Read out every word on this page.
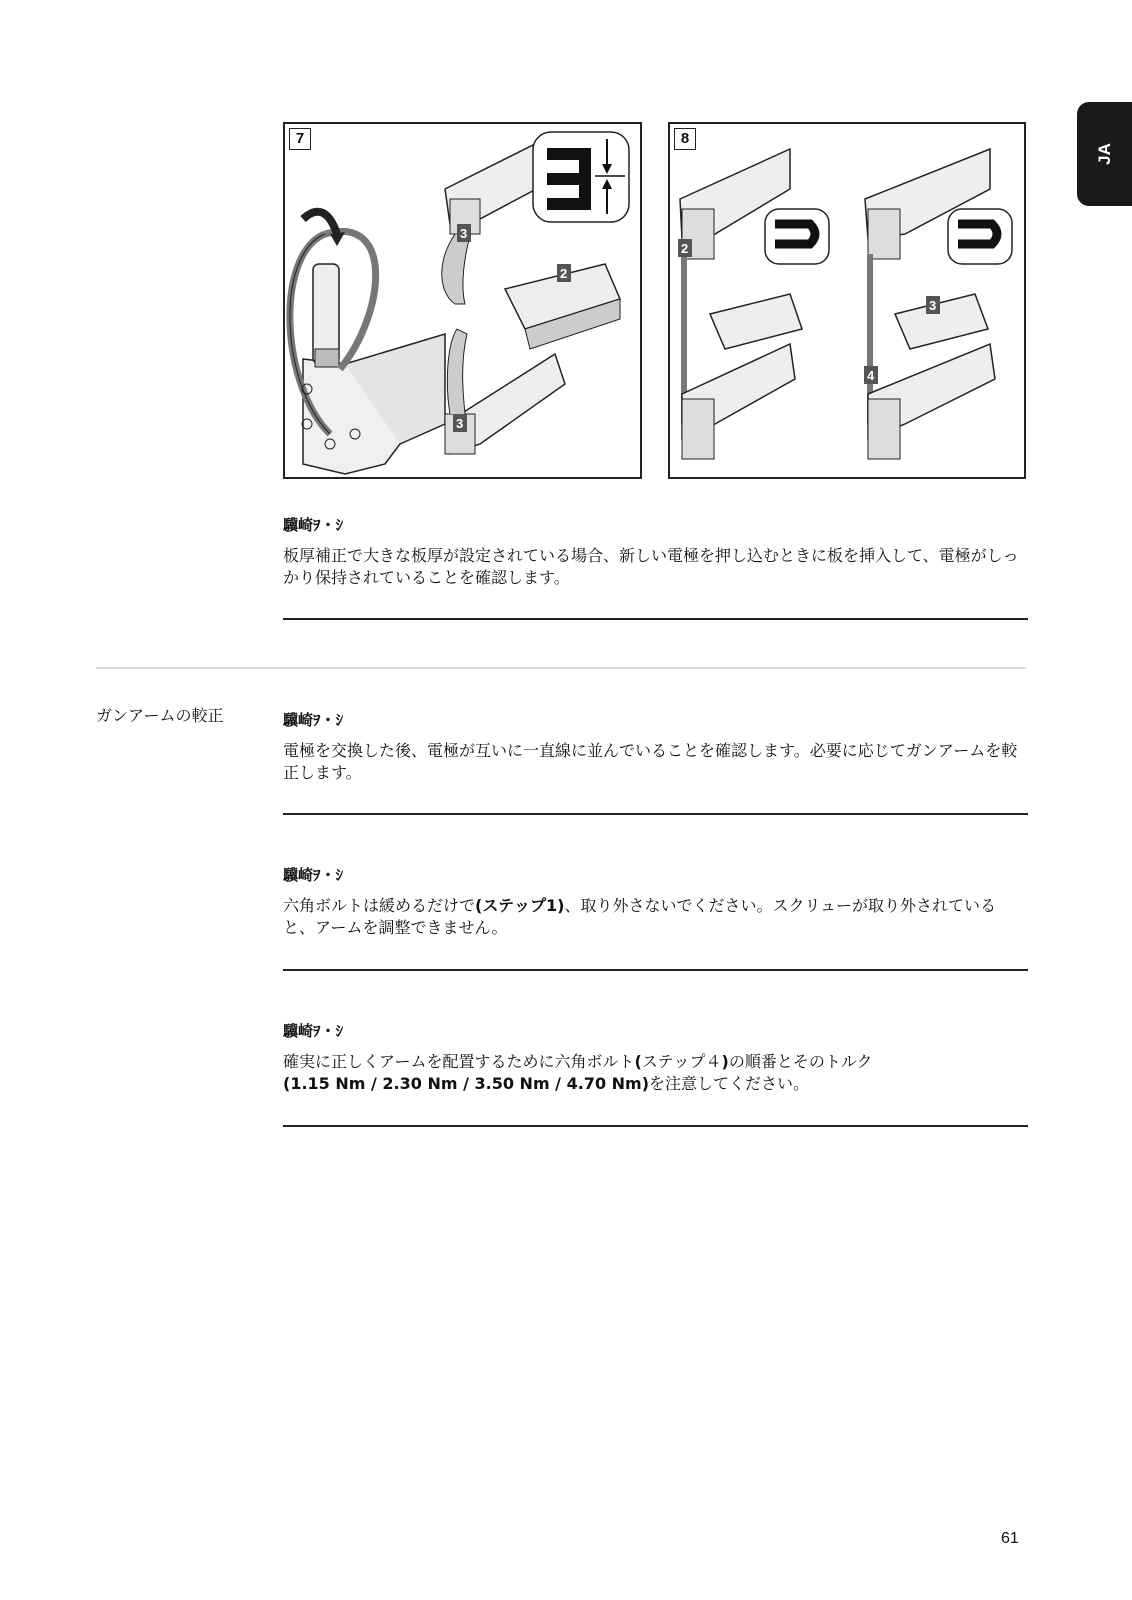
JA
7
3
2
3
1
8
2
4
3
驥崎ｦ・ｼ
板厚補正で大きな板厚が設定されている場合、新しい電極を押し込むときに板を挿入して、電極がしっかり保持されていることを確認します。
ガンアームの較正	驥崎ｦ・ｼ
電極を交換した後、電極が互いに一直線に並んでいることを確認します。必要に応じてガンアームを較正します。
驥崎ｦ・ｼ
六角ボルトは緩めるだけで(ステップ1)、取り外さないでください。スクリューが取り外されていると、アームを調整できません。
驥崎ｦ・ｼ
確実に正しくアームを配置するために六角ボルト(ステップ４)の順番とそのトルク
(1.15 Nm / 2.30 Nm / 3.50 Nm / 4.70 Nm)を注意してください。
61
